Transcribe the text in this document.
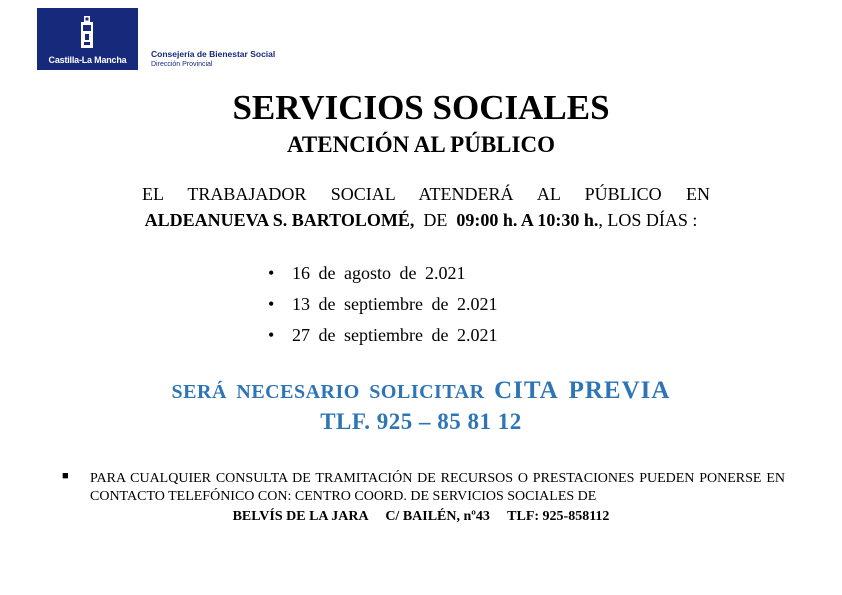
Castilla-La Mancha
Consejería de Bienestar Social
Dirección Provincial
SERVICIOS SOCIALES
ATENCIÓN AL PÚBLICO
EL TRABAJADOR SOCIAL ATENDERÁ AL PÚBLICO EN
ALDEANUEVA S. BARTOLOMÉ, DE 09:00 h. A 10:30 h., LOS DÍAS :
• 16 de agosto de 2.021
• 13 de septiembre de 2.021
• 27 de septiembre de 2.021
SERÁ NECESARIO SOLICITAR CITA PREVIA
TLF. 925 – 85 81 12
■ PARA CUALQUIER CONSULTA DE TRAMITACIÓN DE RECURSOS O PRESTACIONES PUEDEN PONERSE EN CONTACTO TELEFÓNICO CON: CENTRO COORD. DE SERVICIOS SOCIALES DE
BELVÍS DE LA JARA     C/ BAILÉN, nº43     TLF: 925-858112
